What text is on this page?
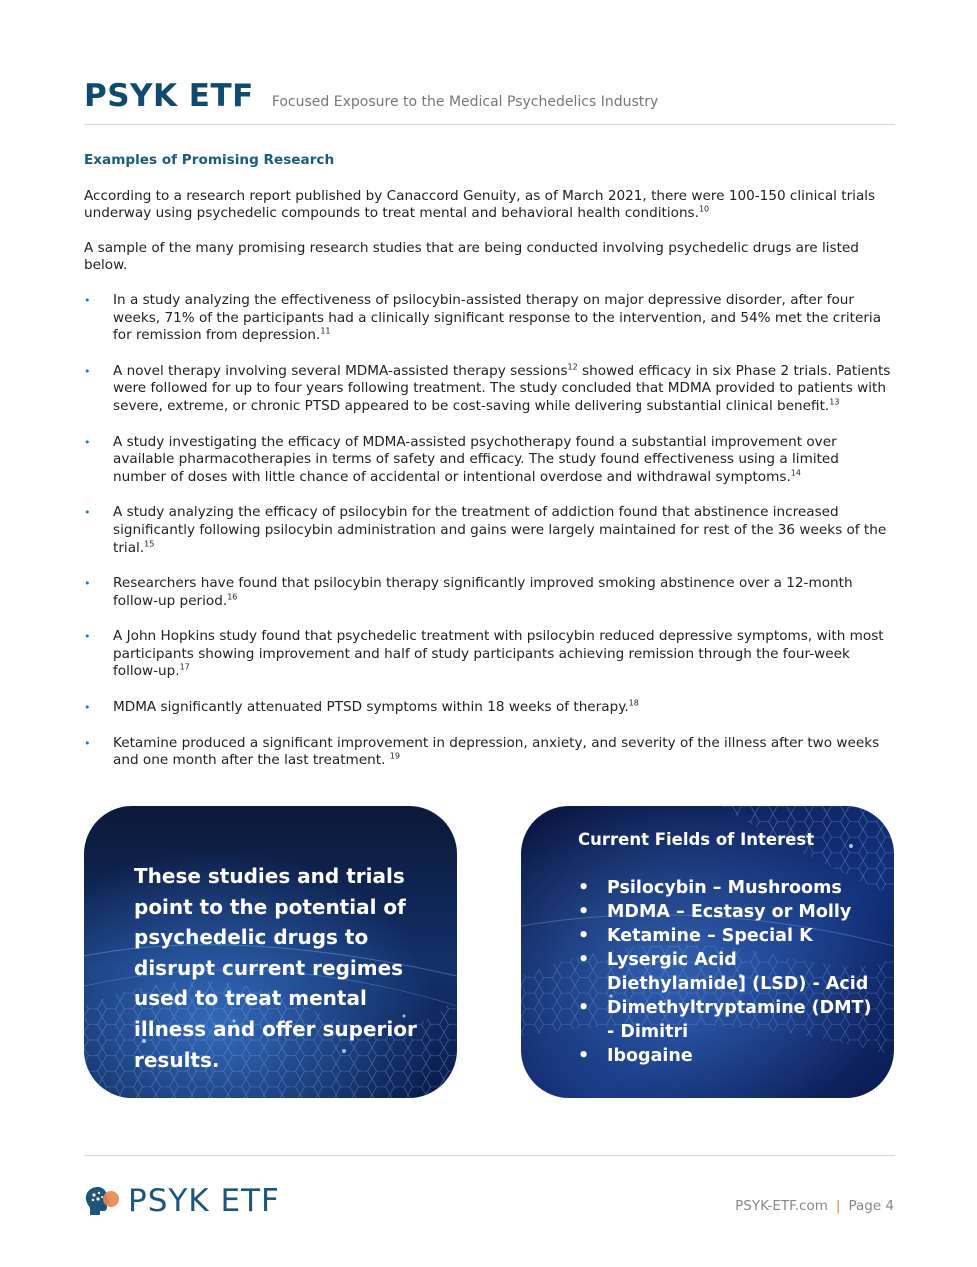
PSYK ETF Focused Exposure to the Medical Psychedelics Industry
Examples of Promising Research

According to a research report published by Canaccord Genuity, as of March 2021, there were 100-150 clinical trials underway using psychedelic compounds to treat mental and behavioral health conditions.$^{10}$

A sample of the many promising research studies that are being conducted involving psychedelic drugs are listed below.

• In a study analyzing the effectiveness of psilocybin-assisted therapy on major depressive disorder, after four weeks, 71% of the participants had a clinically significant response to the intervention, and 54% met the criteria for remission from depression.$^{11}$
• A novel therapy involving several MDMA-assisted therapy sessions$^{12}$ showed efficacy in six Phase 2 trials. Patients were followed for up to four years following treatment. The study concluded that MDMA provided to patients with severe, extreme, or chronic PTSD appeared to be cost-saving while delivering substantial clinical benefit.$^{13}$
• A study investigating the efficacy of MDMA-assisted psychotherapy found a substantial improvement over available pharmacotherapies in terms of safety and efficacy. The study found effectiveness using a limited number of doses with little chance of accidental or intentional overdose and withdrawal symptoms.$^{14}$
• A study analyzing the efficacy of psilocybin for the treatment of addiction found that abstinence increased significantly following psilocybin administration and gains were largely maintained for rest of the 36 weeks of the trial.$^{15}$
• Researchers have found that psilocybin therapy significantly improved smoking abstinence over a 12-month follow-up period.$^{16}$
• A John Hopkins study found that psychedelic treatment with psilocybin reduced depressive symptoms, with most participants showing improvement and half of study participants achieving remission through the four-week follow-up.$^{17}$
• MDMA significantly attenuated PTSD symptoms within 18 weeks of therapy.$^{18}$
• Ketamine produced a significant improvement in depression, anxiety, and severity of the illness after two weeks and one month after the last treatment. $^{19}$
These studies and trials point to the potential of psychedelic drugs to disrupt current regimes used to treat mental illness and offer superior results.
Current Fields of Interest
• Psilocybin – Mushrooms
• MDMA – Ecstasy or Molly
• Ketamine – Special K
• Lysergic Acid Diethylamide] (LSD) - Acid
• Dimethyltryptamine (DMT) - Dimitri
• Ibogaine
PSYK ETF	PSYK-ETF.com | Page 4
